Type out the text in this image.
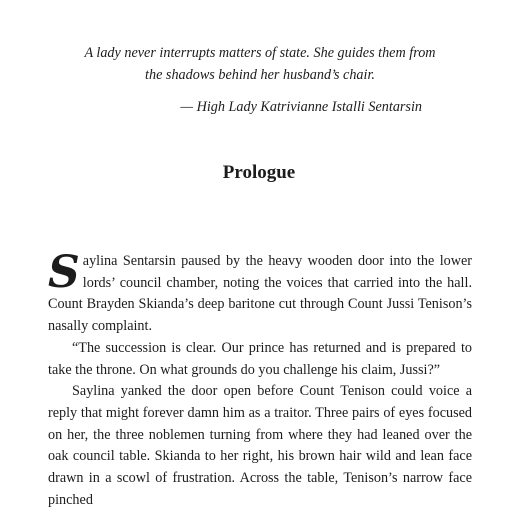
A lady never interrupts matters of state. She guides them from
the shadows behind her husband’s chair.
— High Lady Katrivianne Istalli Sentarsin
Prologue

Saylina Sentarsin paused by the heavy wooden door into the lower lords’ council chamber, noting the voices that carried into the hall. Count Brayden Skianda’s deep baritone cut through Count Jussi Tenison’s nasally complaint.

“The succession is clear. Our prince has returned and is prepared to take the throne. On what grounds do you challenge his claim, Jussi?”

Saylina yanked the door open before Count Tenison could voice a reply that might forever damn him as a traitor. Three pairs of eyes focused on her, the three noblemen turning from where they had leaned over the oak council table. Skianda to her right, his brown hair wild and lean face drawn in a scowl of frustration. Across the table, Tenison’s narrow face pinched
